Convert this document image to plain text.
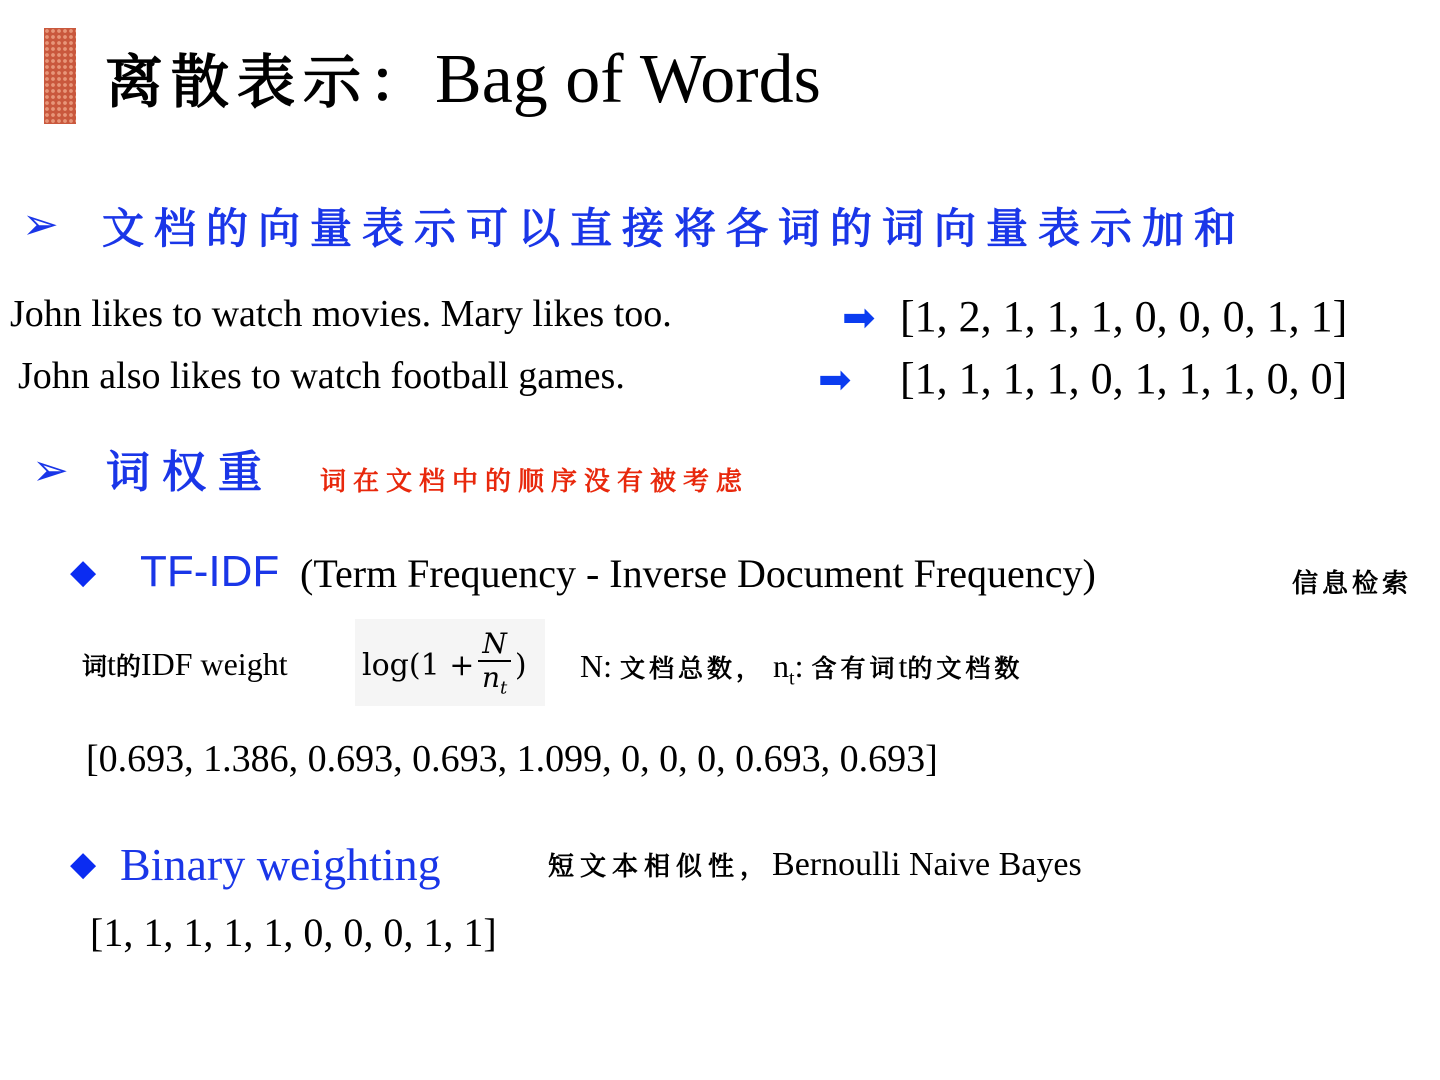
离散表示：Bag of Words
➢ 文档的向量表示可以直接将各词的词向量表示加和
John likes to watch movies. Mary likes too.	➡ [1, 2, 1, 1, 1, 0, 0, 0, 1, 1]
John also likes to watch football games.	➡ [1, 1, 1, 1, 0, 1, 1, 1, 0, 0]
➢ 词权重 词在文档中的顺序没有被考虑
◆ TF-IDF (Term Frequency - Inverse Document Frequency)	信息检索
词t的IDF weight $\log(1 + \frac{N}{n_t}$ ) N: 文档总数， $n_t$: 含有词t的文档数
[0.693, 1.386, 0.693, 0.693, 1.099, 0, 0, 0, 0.693, 0.693]
◆ Binary weighting	短文本相似性，Bernoulli Naive Bayes
[1, 1, 1, 1, 1, 0, 0, 0, 1, 1]
